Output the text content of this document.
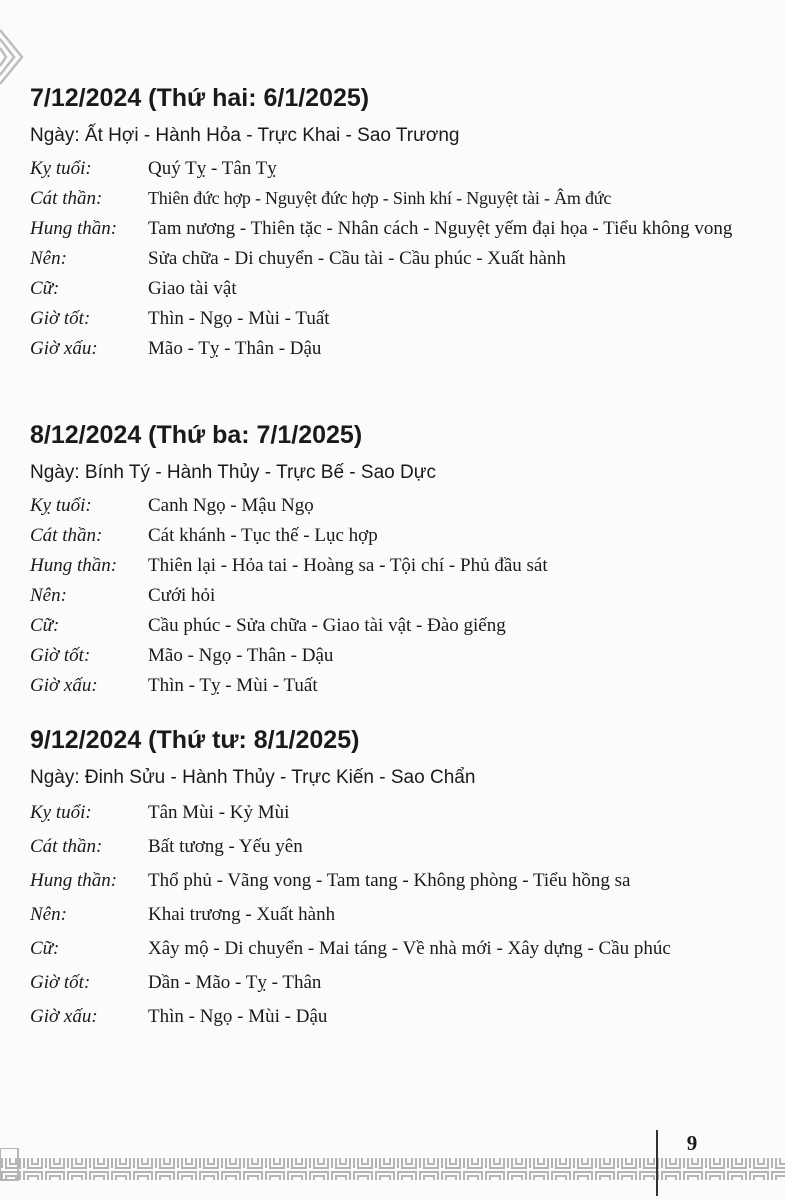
7/12/2024 (Thứ hai: 6/1/2025)
Ngày: Ất Hợi - Hành Hỏa - Trực Khai - Sao Trương
Kỵ tuổi:	Quý Tỵ - Tân Tỵ
Cát thần:	Thiên đức hợp - Nguyệt đức hợp - Sinh khí - Nguyệt tài - Âm đức
Hung thần:	Tam nương - Thiên tặc - Nhân cách - Nguyệt yếm đại họa - Tiểu không vong
Nên:	Sửa chữa - Di chuyển - Cầu tài - Cầu phúc - Xuất hành
Cữ:	Giao tài vật
Giờ tốt:	Thìn - Ngọ - Mùi - Tuất
Giờ xấu:	Mão - Tỵ - Thân - Dậu
8/12/2024 (Thứ ba: 7/1/2025)
Ngày: Bính Tý - Hành Thủy - Trực Bế - Sao Dực
Kỵ tuổi:	Canh Ngọ - Mậu Ngọ
Cát thần:	Cát khánh - Tục thế - Lục hợp
Hung thần:	Thiên lại - Hỏa tai - Hoàng sa - Tội chí - Phủ đầu sát
Nên:	Cưới hỏi
Cữ:	Cầu phúc - Sửa chữa - Giao tài vật - Đào giếng
Giờ tốt:	Mão - Ngọ - Thân - Dậu
Giờ xấu:	Thìn - Tỵ - Mùi - Tuất
9/12/2024 (Thứ tư: 8/1/2025)
Ngày: Đinh Sửu - Hành Thủy - Trực Kiến - Sao Chẩn
Kỵ tuổi:	Tân Mùi - Kỷ Mùi
Cát thần:	Bất tương - Yếu yên
Hung thần:	Thổ phủ - Vãng vong - Tam tang - Không phòng - Tiểu hồng sa
Nên:	Khai trương - Xuất hành
Cữ:	Xây mộ - Di chuyển - Mai táng - Về nhà mới - Xây dựng - Cầu phúc
Giờ tốt:	Dần - Mão - Tỵ - Thân
Giờ xấu:	Thìn - Ngọ - Mùi - Dậu
9
